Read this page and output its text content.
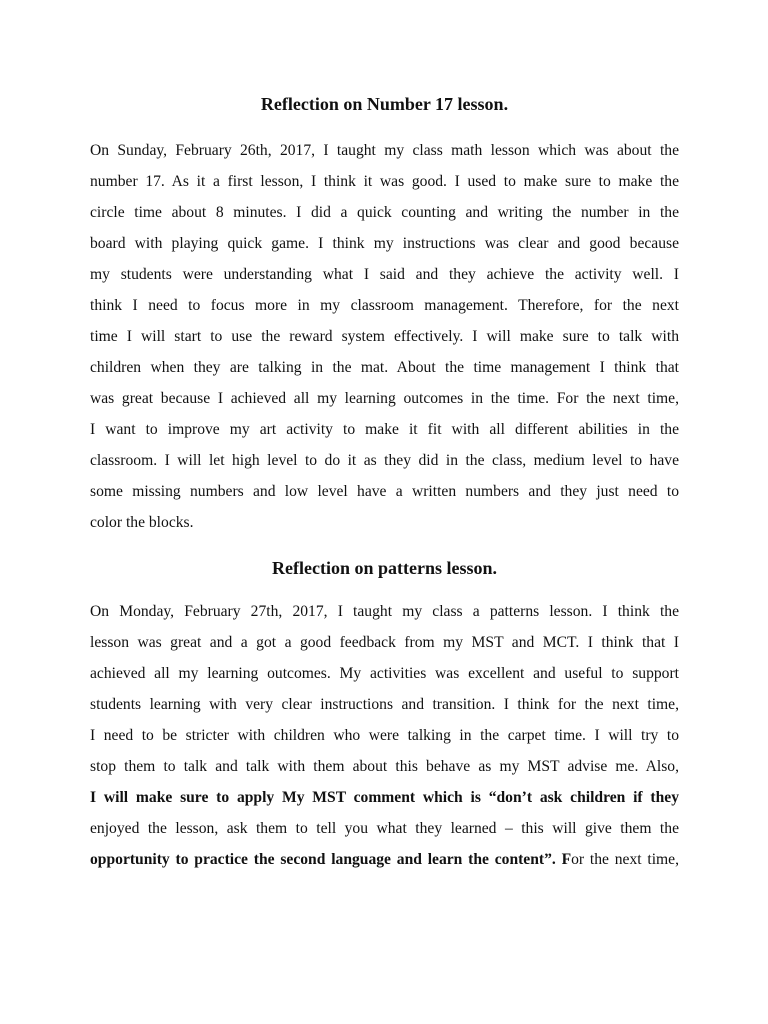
Reflection on Number 17 lesson.
On Sunday, February 26th, 2017, I taught my class math lesson which was about the
number 17. As it a first lesson, I think it was good. I used to make sure to make the
circle time about 8 minutes. I did a quick counting and writing the number in the
board with playing quick game. I think my instructions was clear and good because
my students were understanding what I said and they achieve the activity well. I
think I need to focus more in my classroom management. Therefore, for the next
time I will start to use the reward system effectively. I will make sure to talk with
children when they are talking in the mat. About the time management I think that
was great because I achieved all my learning outcomes in the time. For the next time,
I want to improve my art activity to make it fit with all different abilities in the
classroom. I will let high level to do it as they did in the class, medium level to have
some missing numbers and low level have a written numbers and they just need to
color the blocks.
Reflection on patterns lesson.
On Monday, February 27th, 2017, I taught my class a patterns lesson. I think the
lesson was great and a got a good feedback from my MST and MCT. I think that I
achieved all my learning outcomes. My activities was excellent and useful to support
students learning with very clear instructions and transition. I think for the next time,
I need to be stricter with children who were talking in the carpet time. I will try to
stop them to talk and talk with them about this behave as my MST advise me. Also,
I will make sure to apply My MST comment which is “don’t ask children if they
enjoyed the lesson, ask them to tell you what they learned – this will give them the
opportunity to practice the second language and learn the content”. For the next time,
